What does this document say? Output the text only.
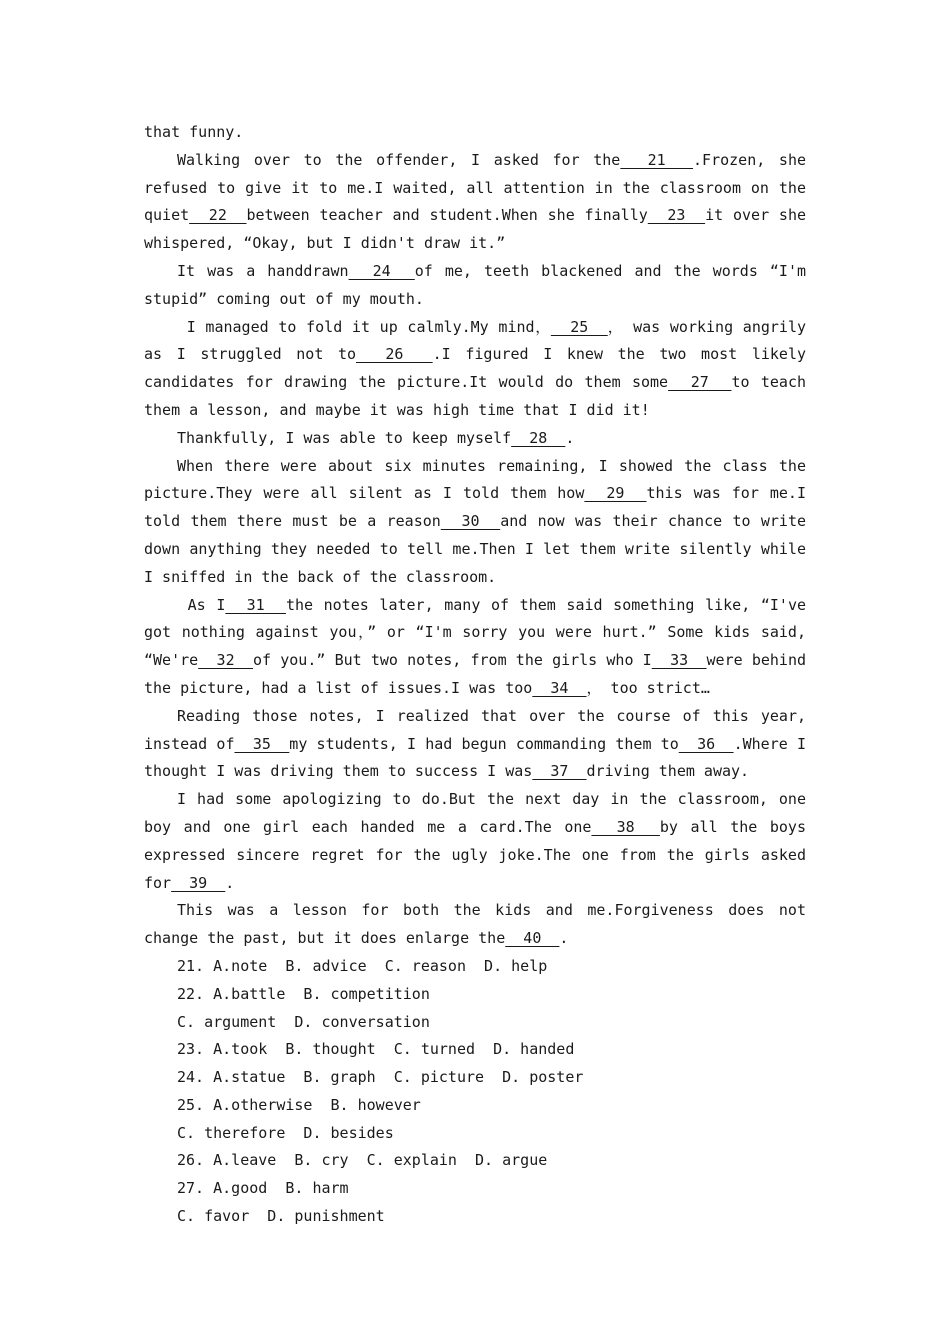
that funny.

Walking over to the offender, I asked for the  21  .Frozen, she refused to give it to me.I waited, all attention in the classroom on the quiet  22  between teacher and student.When she finally  23  it over she whispered, “Okay, but I didn't draw it.”

It was a handdrawn  24  of me, teeth blackened and the words “I'm stupid” coming out of my mouth.

I managed to fold it up calmly.My mind，  25  ， was working angrily as I struggled not to  26  .I figured I knew the two most likely candidates for drawing the picture.It would do them some  27  to teach them a lesson, and maybe it was high time that I did it!

Thankfully, I was able to keep myself  28  .

When there were about six minutes remaining, I showed the class the picture.They were all silent as I told them how  29  this was for me.I told them there must be a reason  30  and now was their chance to write down anything they needed to tell me.Then I let them write silently while I sniffed in the back of the classroom.

As I  31  the notes later, many of them said something like, “I've got nothing against you，” or “I'm sorry you were hurt.” Some kids said, “We're  32  of you.” But two notes, from the girls who I  33  were behind the picture, had a list of issues.I was too  34  ， too strict…

Reading those notes, I realized that over the course of this year, instead of  35  my students, I had begun commanding them to  36  .Where I thought I was driving them to success I was  37  driving them away.

I had some apologizing to do.But the next day in the classroom, one boy and one girl each handed me a card.The one  38  by all the boys expressed sincere regret for the ugly joke.The one from the girls asked for  39  .

This was a lesson for both the kids and me.Forgiveness does not change the past, but it does enlarge the  40  .

21. A.note  B. advice  C. reason  D. help

22. A.battle  B. competition

C. argument  D. conversation

23. A.took  B. thought  C. turned  D. handed

24. A.statue  B. graph  C. picture  D. poster

25. A.otherwise  B. however

C. therefore  D. besides

26. A.leave  B. cry  C. explain  D. argue

27. A.good  B. harm

C. favor  D. punishment
